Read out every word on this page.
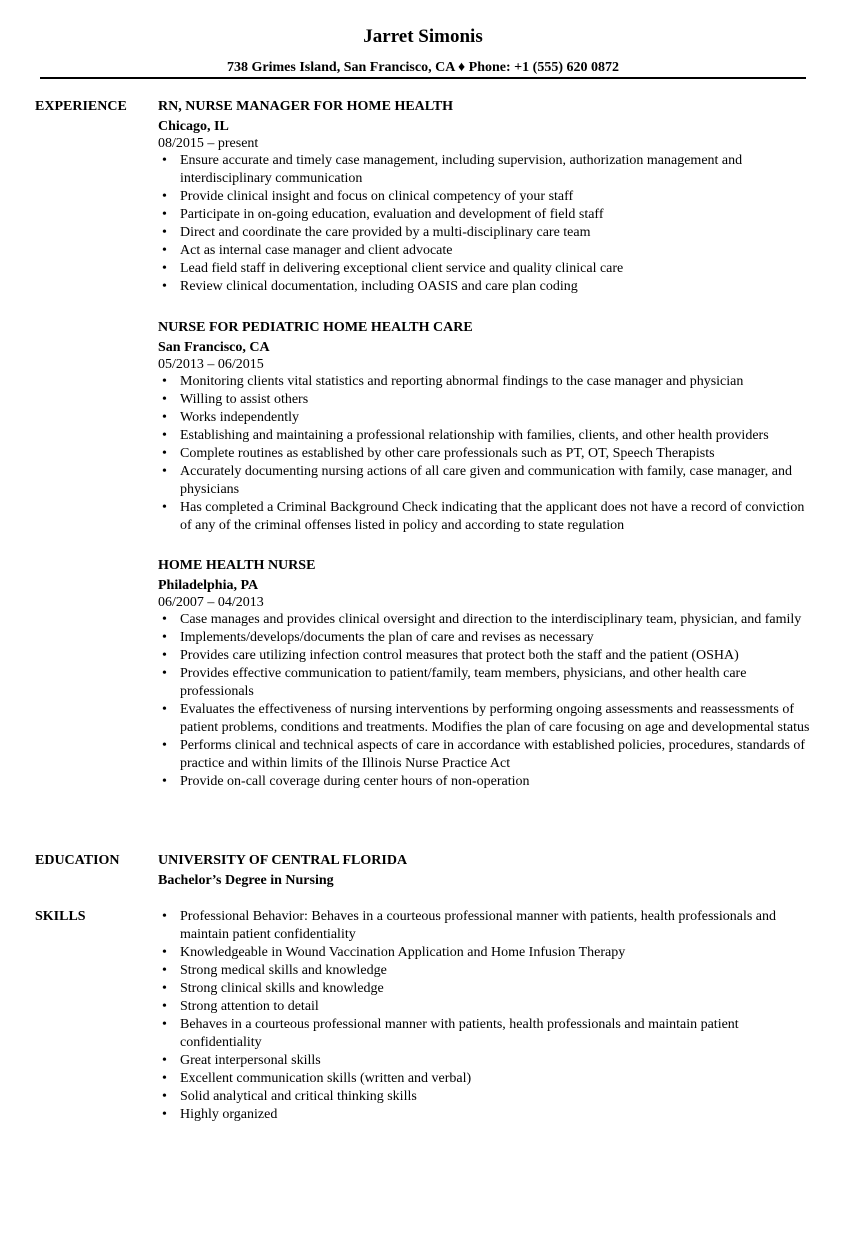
Jarret Simonis
738 Grimes Island, San Francisco, CA ♦ Phone: +1 (555) 620 0872
EXPERIENCE RN, NURSE MANAGER FOR HOME HEALTH
Chicago, IL
08/2015 – present
• Ensure accurate and timely case management, including supervision, authorization management and interdisciplinary communication
• Provide clinical insight and focus on clinical competency of your staff
• Participate in on-going education, evaluation and development of field staff
• Direct and coordinate the care provided by a multi-disciplinary care team
• Act as internal case manager and client advocate
• Lead field staff in delivering exceptional client service and quality clinical care
• Review clinical documentation, including OASIS and care plan coding
NURSE FOR PEDIATRIC HOME HEALTH CARE
San Francisco, CA
05/2013 – 06/2015
• Monitoring clients vital statistics and reporting abnormal findings to the case manager and physician
• Willing to assist others
• Works independently
• Establishing and maintaining a professional relationship with families, clients, and other health providers
• Complete routines as established by other care professionals such as PT, OT, Speech Therapists
• Accurately documenting nursing actions of all care given and communication with family, case manager, and physicians
• Has completed a Criminal Background Check indicating that the applicant does not have a record of conviction of any of the criminal offenses listed in policy and according to state regulation
HOME HEALTH NURSE
Philadelphia, PA
06/2007 – 04/2013
• Case manages and provides clinical oversight and direction to the interdisciplinary team, physician, and family
• Implements/develops/documents the plan of care and revises as necessary
• Provides care utilizing infection control measures that protect both the staff and the patient (OSHA)
• Provides effective communication to patient/family, team members, physicians, and other health care professionals
• Evaluates the effectiveness of nursing interventions by performing ongoing assessments and reassessments of patient problems, conditions and treatments. Modifies the plan of care focusing on age and developmental status
• Performs clinical and technical aspects of care in accordance with established policies, procedures, standards of practice and within limits of the Illinois Nurse Practice Act
• Provide on-call coverage during center hours of non-operation
EDUCATION	UNIVERSITY OF CENTRAL FLORIDA
Bachelor’s Degree in Nursing
SKILLS	• Professional Behavior: Behaves in a courteous professional manner with patients, health professionals and maintain patient confidentiality
• Knowledgeable in Wound Vaccination Application and Home Infusion Therapy
• Strong medical skills and knowledge
• Strong clinical skills and knowledge
• Strong attention to detail
• Behaves in a courteous professional manner with patients, health professionals and maintain patient confidentiality
• Great interpersonal skills
• Excellent communication skills (written and verbal)
• Solid analytical and critical thinking skills
• Highly organized
